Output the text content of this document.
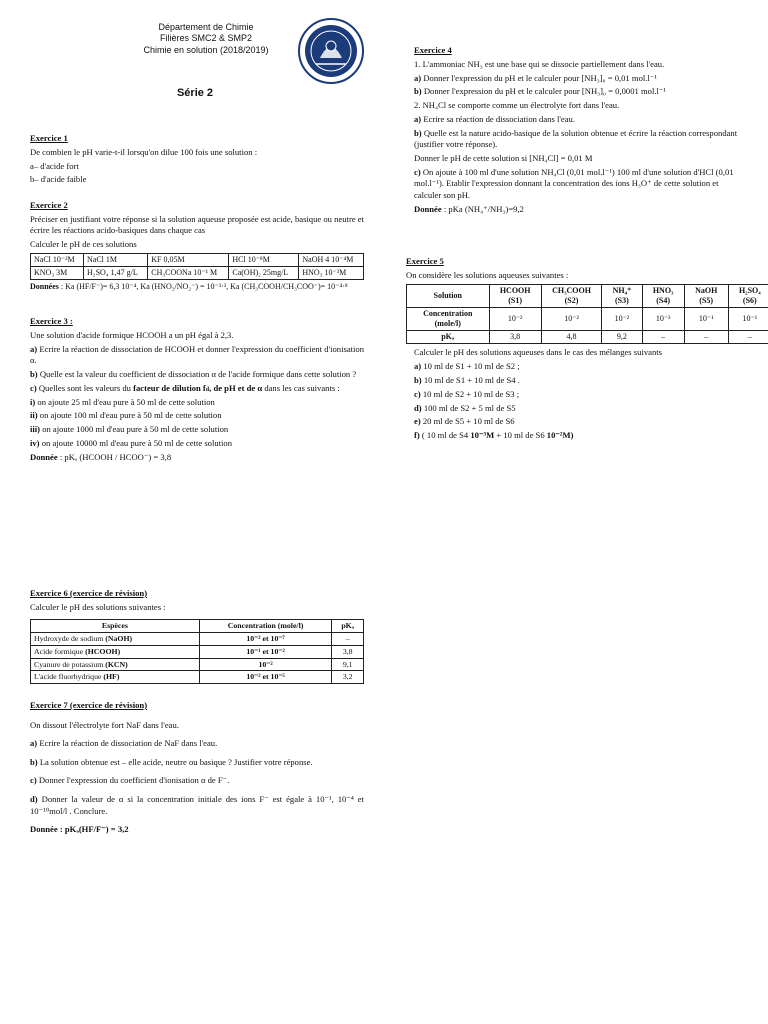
Département de Chimie
Filières SMC2 & SMP2
Chimie en solution (2018/2019)
Série 2

Exercice 1

De combien le pH varie-t-il lorsqu'on dilue 100 fois une solution :

a– d'acide fort

b– d'acide faible

Exercice 2

Préciser en justifiant votre réponse si la solution aqueuse proposée est acide, basique ou neutre et écrire les réactions acido-basiques dans chaque cas

Calculer le pH de ces solutions

NaCl 10⁻²M	NaCl 1M	KF 0,05M	HCl 10⁻⁸M	NaOH 4 10⁻⁴M
KNO₃ 3M	H₂SO₄ 1,47 g/L	CH₃COONa 10⁻¹ M	Ca(OH)₂ 25mg/L	HNO₃ 10⁻³M

Données : Ka (HF/F⁻)= 6,3 10⁻⁴, Ka (HNO₂/NO₂⁻) = 10⁻³·³, Ka (CH₃COOH/CH₃COO⁻)= 10⁻⁴·⁸

Exercice 3 :

Une solution d'acide formique HCOOH a un pH égal à 2,3.

a) Ecrire la réaction de dissociation de HCOOH et donner l'expression du coefficient d'ionisation α.

b) Quelle est la valeur du coefficient de dissociation α de l'acide formique dans cette solution ?

c) Quelles sont les valeurs du facteur de dilution fd, de pH et de α dans les cas suivants :

i) on ajoute 25 ml d'eau pure à 50 ml de cette solution

ii) on ajoute 100 ml d'eau pure à 50 ml de cette solution

iii) on ajoute 1000 ml d'eau pure à 50 ml de cette solution

iv) on ajoute 10000 ml d'eau pure à 50 ml de cette solution

Donnée : pKₐ (HCOOH / HCOO⁻) = 3,8

Exercice 4

1. L'ammoniac NH₃ est une base qui se dissocie partiellement dans l'eau.

a) Donner l'expression du pH et le calculer pour [NH₃]₀ = 0,01 mol.l⁻¹

b) Donner l'expression du pH et le calculer pour [NH₃]₀ = 0,0001 mol.l⁻¹

2. NH₄Cl se comporte comme un électrolyte fort dans l'eau.

a) Ecrire sa réaction de dissociation dans l'eau.

b) Quelle est la nature acido-basique de la solution obtenue et écrire la réaction correspondant (justifier votre réponse).

Donner le pH de cette solution si [NH₄Cl] = 0,01 M

c) On ajoute à 100 ml d'une solution NH₄Cl (0,01 mol.l⁻¹) 100 ml d'une solution d'HCl (0,01 mol.l⁻¹). Etablir l'expression donnant la concentration des ions H₃O⁺ de cette solution et calculer son pH.

Donnée : pKa (NH₄⁺/NH₃)=9,2

Exercice 5

On considère les solutions aqueuses suivantes :

Solution	HCOOH (S1)	CH₃COOH (S2)	NH₄⁺ (S3)	HNO₃ (S4)	NaOH (S5)	H₂SO₄ (S6)
Concentration (mole/l)	10⁻²	10⁻²	10⁻²	10⁻³	10⁻¹	10⁻¹
pKₐ	3,8	4,8	9,2	–	–	–

Calculer le pH des solutions aqueuses dans le cas des mélanges suivants

a) 10 ml de S1 + 10 ml de S2 ;

b) 10 ml de S1 + 10 ml de S4 .

c) 10 ml de S2 + 10 ml de S3 ;

d) 100 ml de S2 + 5 ml de S5

e) 20 ml de S5 + 10 ml de S6

f) ( 10 ml de S4 10⁻³M + 10 ml de S6 10⁻²M)

Exercice 6 (exercice de révision)

Calculer le pH des solutions suivantes :

Espèces	Concentration (mole/l)	pKₐ
Hydroxyde de sodium (NaOH)	10⁻² et 10⁻⁷	–
Acide formique (HCOOH)	10⁻¹ et 10⁻²	3,8
Cyanure de potassium (KCN)	10⁻²	9,1
L'acide fluorhydrique (HF)	10⁻² et 10⁻⁵	3,2

Exercice 7 (exercice de révision)

On dissout l'électrolyte fort NaF dans l'eau.

a) Ecrire la réaction de dissociation de NaF dans l'eau.

b) La solution obtenue est – elle acide, neutre ou basique ? Justifier votre réponse.

c) Donner l'expression du coefficient d'ionisation α de F⁻.

d) Donner la valeur de α si la concentration initiale des ions F⁻ est égale à 10⁻¹, 10⁻⁴ et 10⁻¹⁰mol/l . Conclure.

Donnée : pKₐ(HF/F⁻) = 3,2
